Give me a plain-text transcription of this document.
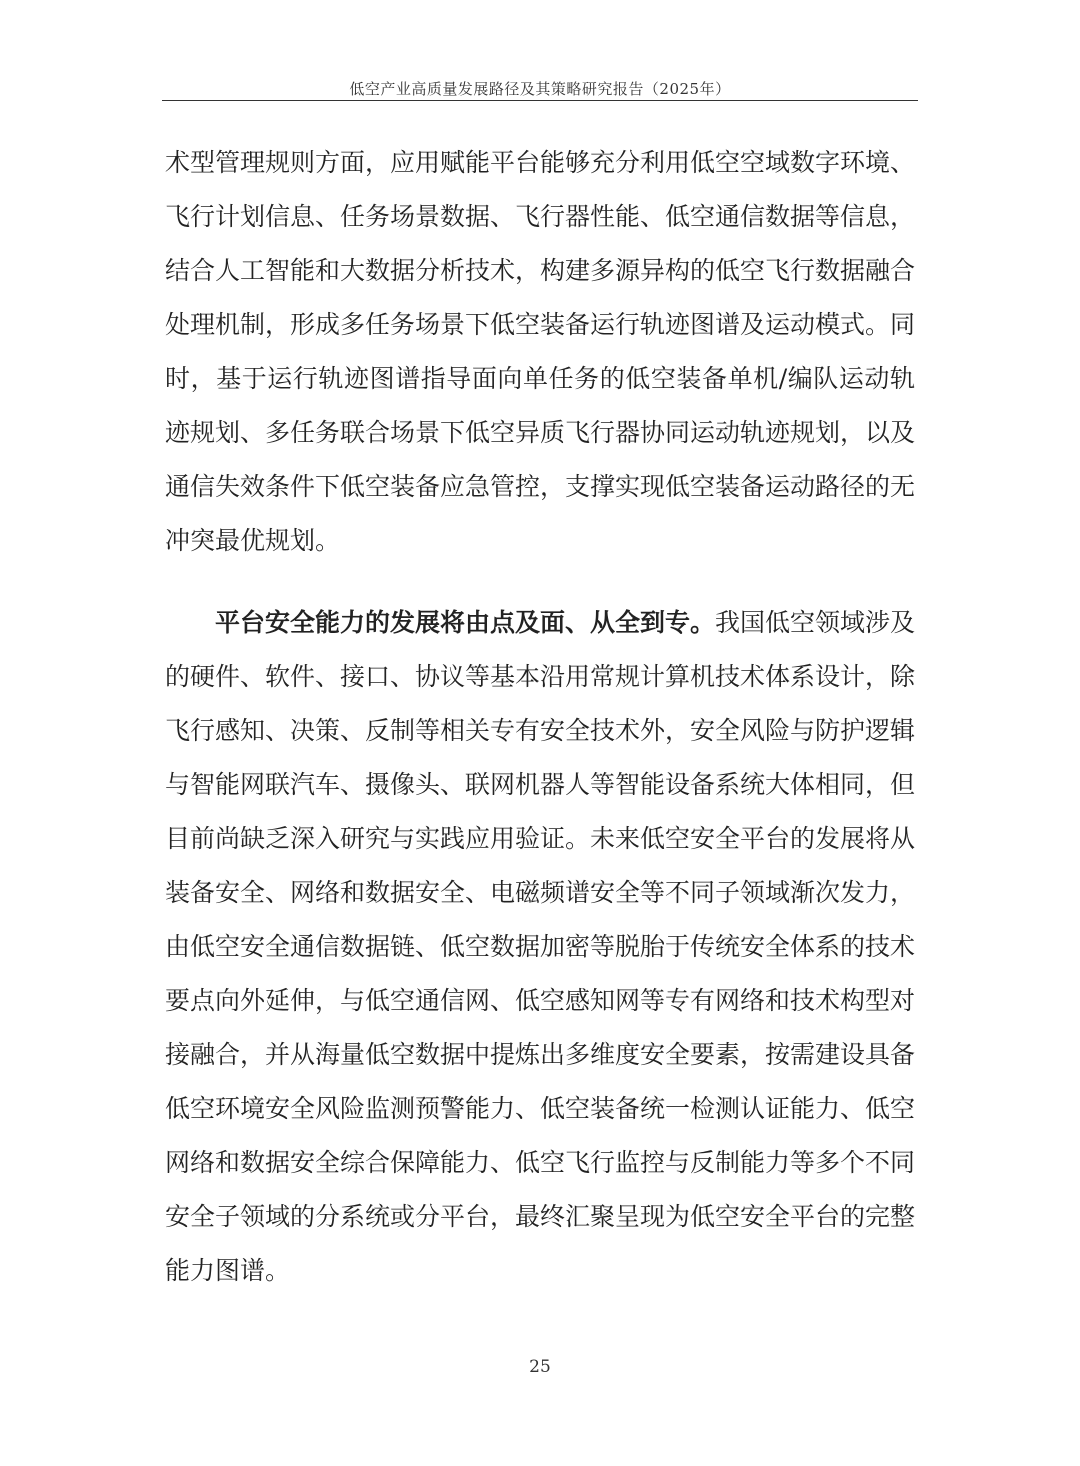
低空产业高质量发展路径及其策略研究报告（2025年）
术型管理规则方面，应用赋能平台能够充分利用低空空域数字环境、
飞行计划信息、任务场景数据、飞行器性能、低空通信数据等信息，
结合人工智能和大数据分析技术，构建多源异构的低空飞行数据融合
处理机制，形成多任务场景下低空装备运行轨迹图谱及运动模式。同
时，基于运行轨迹图谱指导面向单任务的低空装备单机/编队运动轨
迹规划、多任务联合场景下低空异质飞行器协同运动轨迹规划，以及
通信失效条件下低空装备应急管控，支撑实现低空装备运动路径的无
冲突最优规划。
平台安全能力的发展将由点及面、从全到专。我国低空领域涉及
的硬件、软件、接口、协议等基本沿用常规计算机技术体系设计，除
飞行感知、决策、反制等相关专有安全技术外，安全风险与防护逻辑
与智能网联汽车、摄像头、联网机器人等智能设备系统大体相同，但
目前尚缺乏深入研究与实践应用验证。未来低空安全平台的发展将从
装备安全、网络和数据安全、电磁频谱安全等不同子领域渐次发力，
由低空安全通信数据链、低空数据加密等脱胎于传统安全体系的技术
要点向外延伸，与低空通信网、低空感知网等专有网络和技术构型对
接融合，并从海量低空数据中提炼出多维度安全要素，按需建设具备
低空环境安全风险监测预警能力、低空装备统一检测认证能力、低空
网络和数据安全综合保障能力、低空飞行监控与反制能力等多个不同
安全子领域的分系统或分平台，最终汇聚呈现为低空安全平台的完整
能力图谱。
25
